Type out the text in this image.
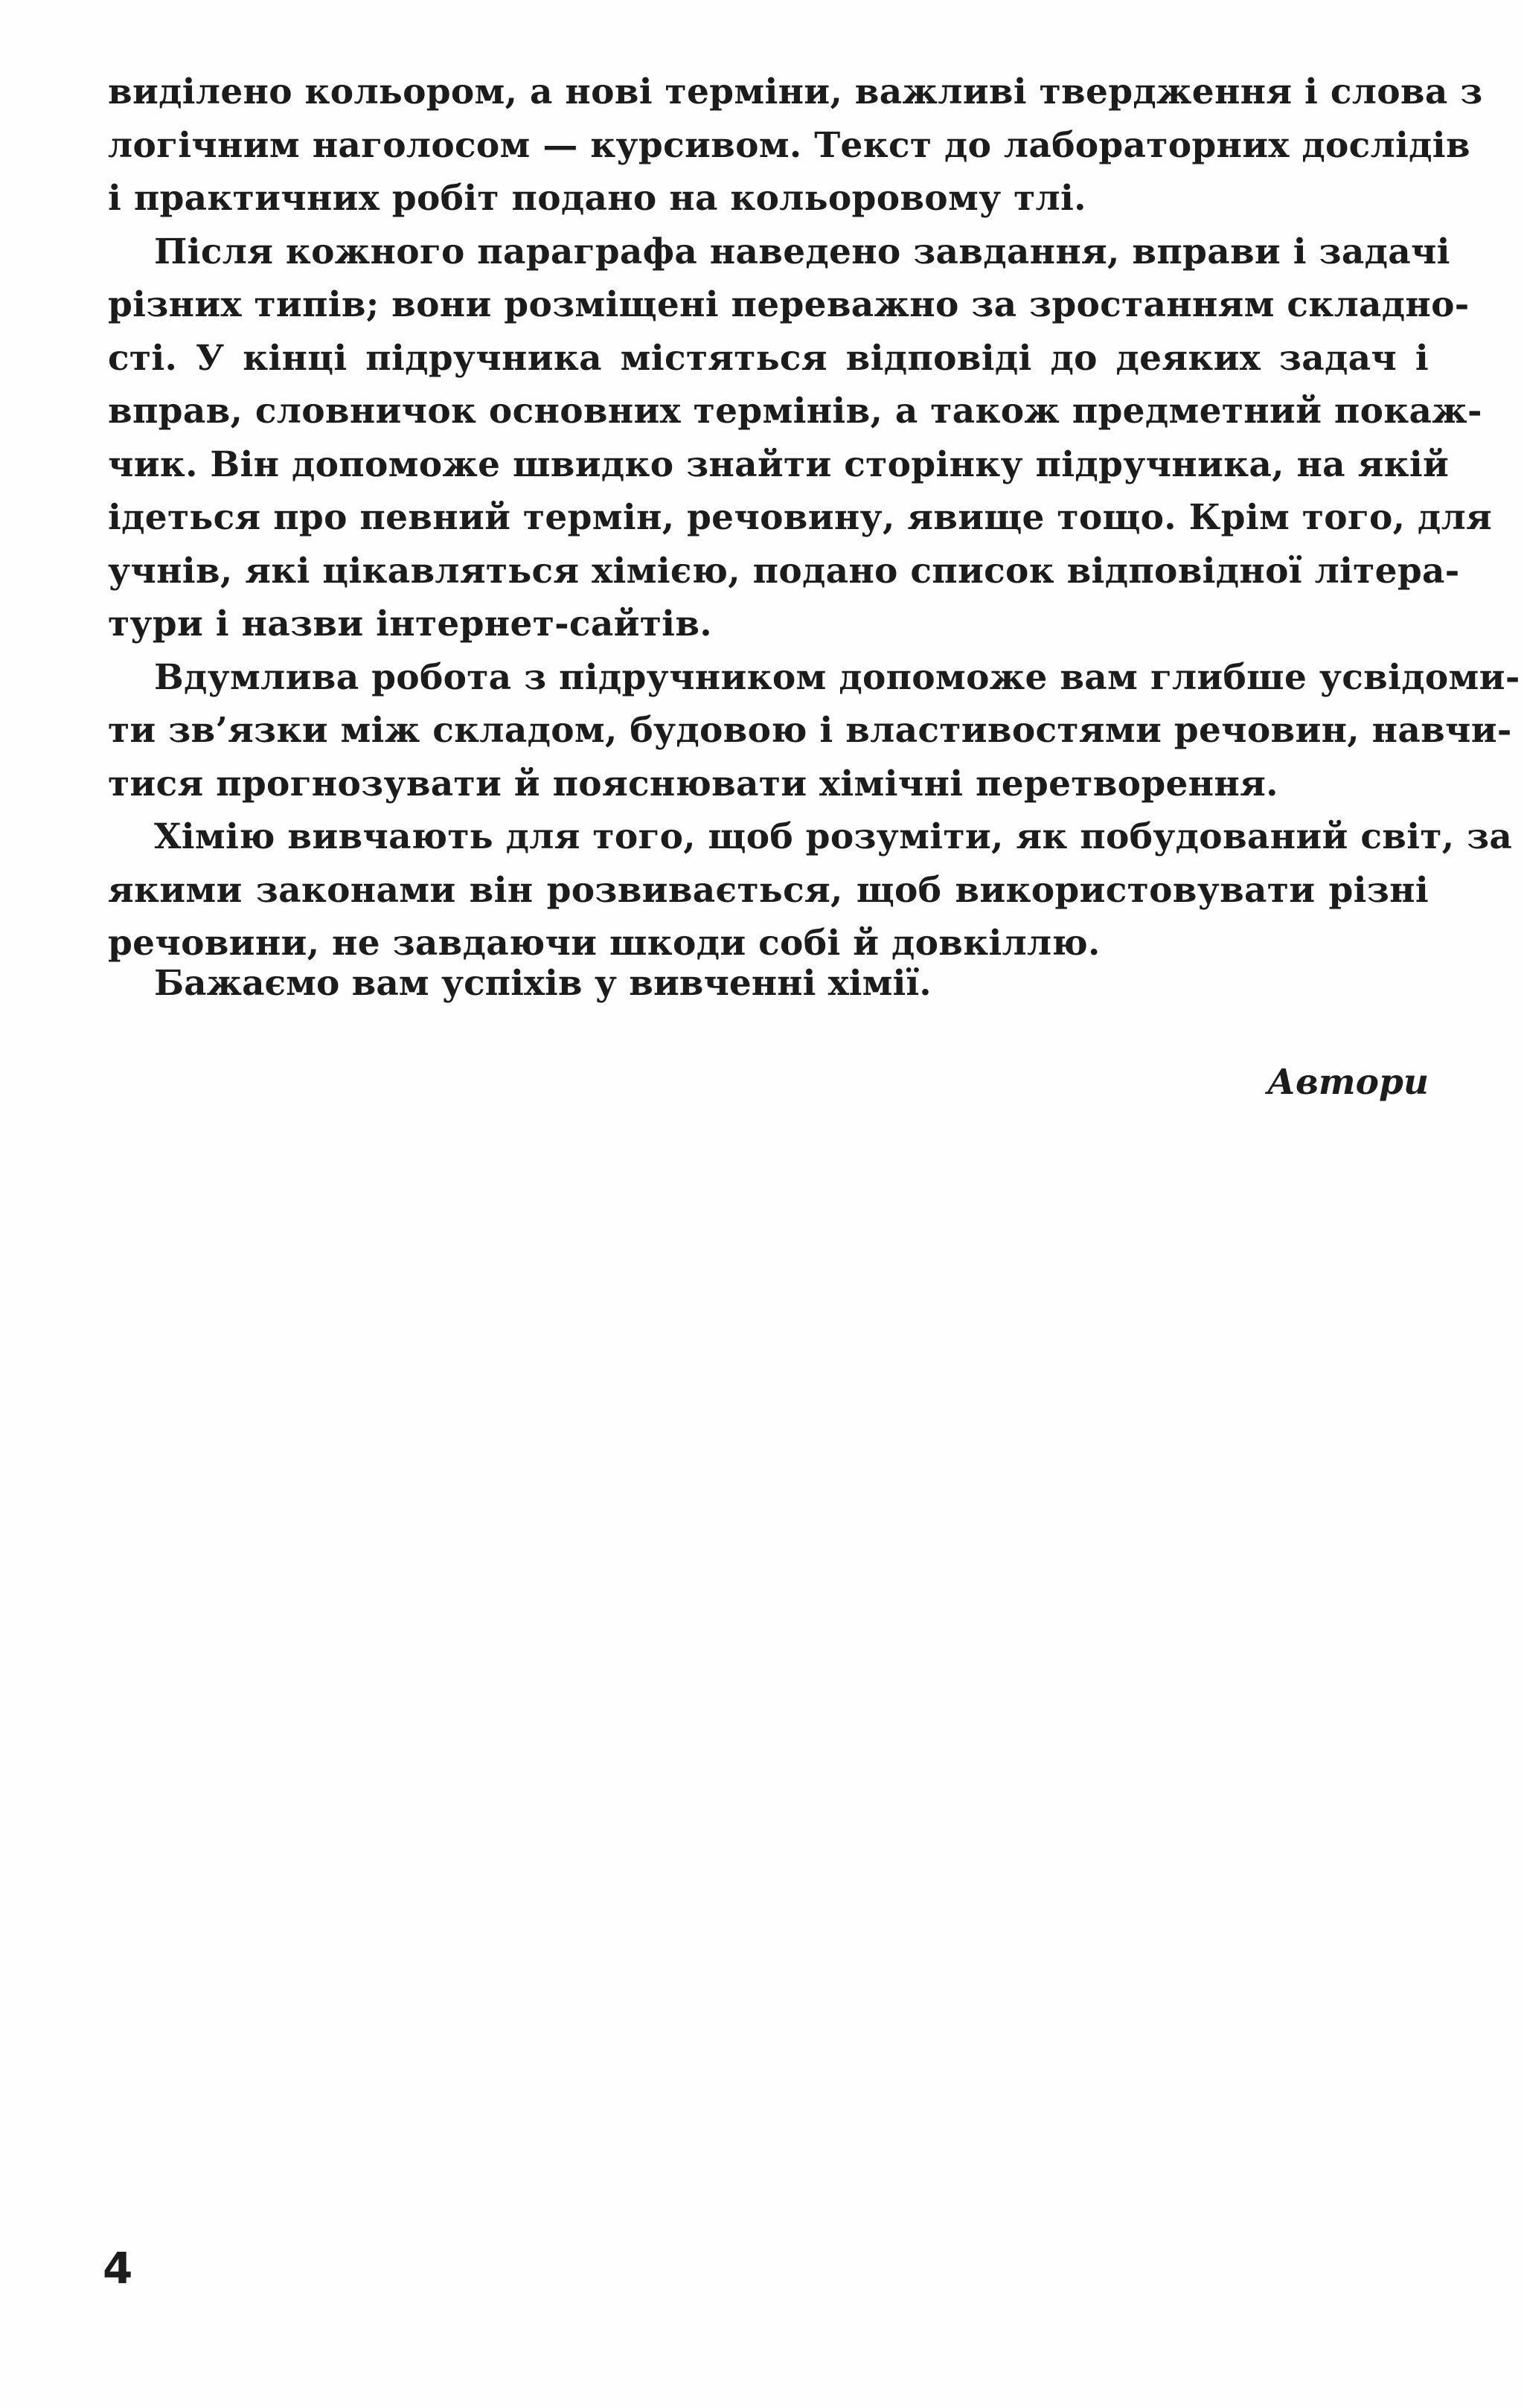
виділено кольором, а нові терміни, важливі твердження і слова з
логічним наголосом — курсивом. Текст до лабораторних дослідів
і практичних робіт подано на кольоровому тлі.
Після кожного параграфа наведено завдання, вправи і задачі
різних типів; вони розміщені переважно за зростанням складно-
сті. У кінці підручника містяться відповіді до деяких задач і
вправ, словничок основних термінів, а також предметний покаж-
чик. Він допоможе швидко знайти сторінку підручника, на якій
ідеться про певний термін, речовину, явище тощо. Крім того, для
учнів, які цікавляться хімією, подано список відповідної літера-
тури і назви інтернет-сайтів.
Вдумлива робота з підручником допоможе вам глибше усвідоми-
ти зв’язки між складом, будовою і властивостями речовин, навчи-
тися прогнозувати й пояснювати хімічні перетворення.
Хімію вивчають для того, щоб розуміти, як побудований світ, за
якими законами він розвивається, щоб використовувати різні
речовини, не завдаючи шкоди собі й довкіллю.
Бажаємо вам успіхів у вивченні хімії.
Автори
4
